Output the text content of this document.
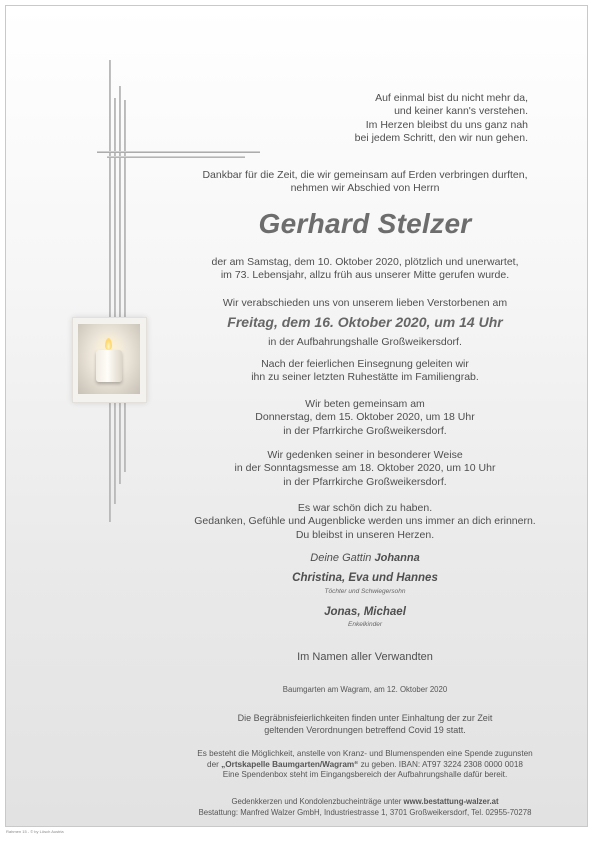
Auf einmal bist du nicht mehr da,
und keiner kann's verstehen.
Im Herzen bleibst du uns ganz nah
bei jedem Schritt, den wir nun gehen.
Dankbar für die Zeit, die wir gemeinsam auf Erden verbringen durften,
nehmen wir Abschied von Herrn
Gerhard Stelzer
der am Samstag, dem 10. Oktober 2020, plötzlich und unerwartet,
im 73. Lebensjahr, allzu früh aus unserer Mitte gerufen wurde.
Wir verabschieden uns von unserem lieben Verstorbenen am
Freitag, dem 16. Oktober 2020, um 14 Uhr
in der Aufbahrungshalle Großweikersdorf.
Nach der feierlichen Einsegnung geleiten wir
ihn zu seiner letzten Ruhestätte im Familiengrab.
Wir beten gemeinsam am
Donnerstag, dem 15. Oktober 2020, um 18 Uhr
in der Pfarrkirche Großweikersdorf.
Wir gedenken seiner in besonderer Weise
in der Sonntagsmesse am 18. Oktober 2020, um 10 Uhr
in der Pfarrkirche Großweikersdorf.
Es war schön dich zu haben.
Gedanken, Gefühle und Augenblicke werden uns immer an dich erinnern.
Du bleibst in unseren Herzen.
Deine Gattin Johanna
Christina, Eva und Hannes
Töchter und Schwiegersohn
Jonas, Michael
Enkelkinder
Im Namen aller Verwandten
Baumgarten am Wagram, am 12. Oktober 2020
Die Begräbnisfeierlichkeiten finden unter Einhaltung der zur Zeit
geltenden Verordnungen betreffend Covid 19 statt.
Es besteht die Möglichkeit, anstelle von Kranz- und Blumenspenden eine Spende zugunsten
der „Ortskapelle Baumgarten/Wagram“ zu geben. IBAN: AT97 3224 2308 0000 0018
Eine Spendenbox steht im Eingangsbereich der Aufbahrungshalle dafür bereit.
Gedenkkerzen und Kondolenzbucheinträge unter www.bestattung-walzer.at
Bestattung: Manfred Walzer GmbH, Industriestrasse 1, 3701 Großweikersdorf, Tel. 02955-70278
Rahmen 15 - © by Lösch Austria
